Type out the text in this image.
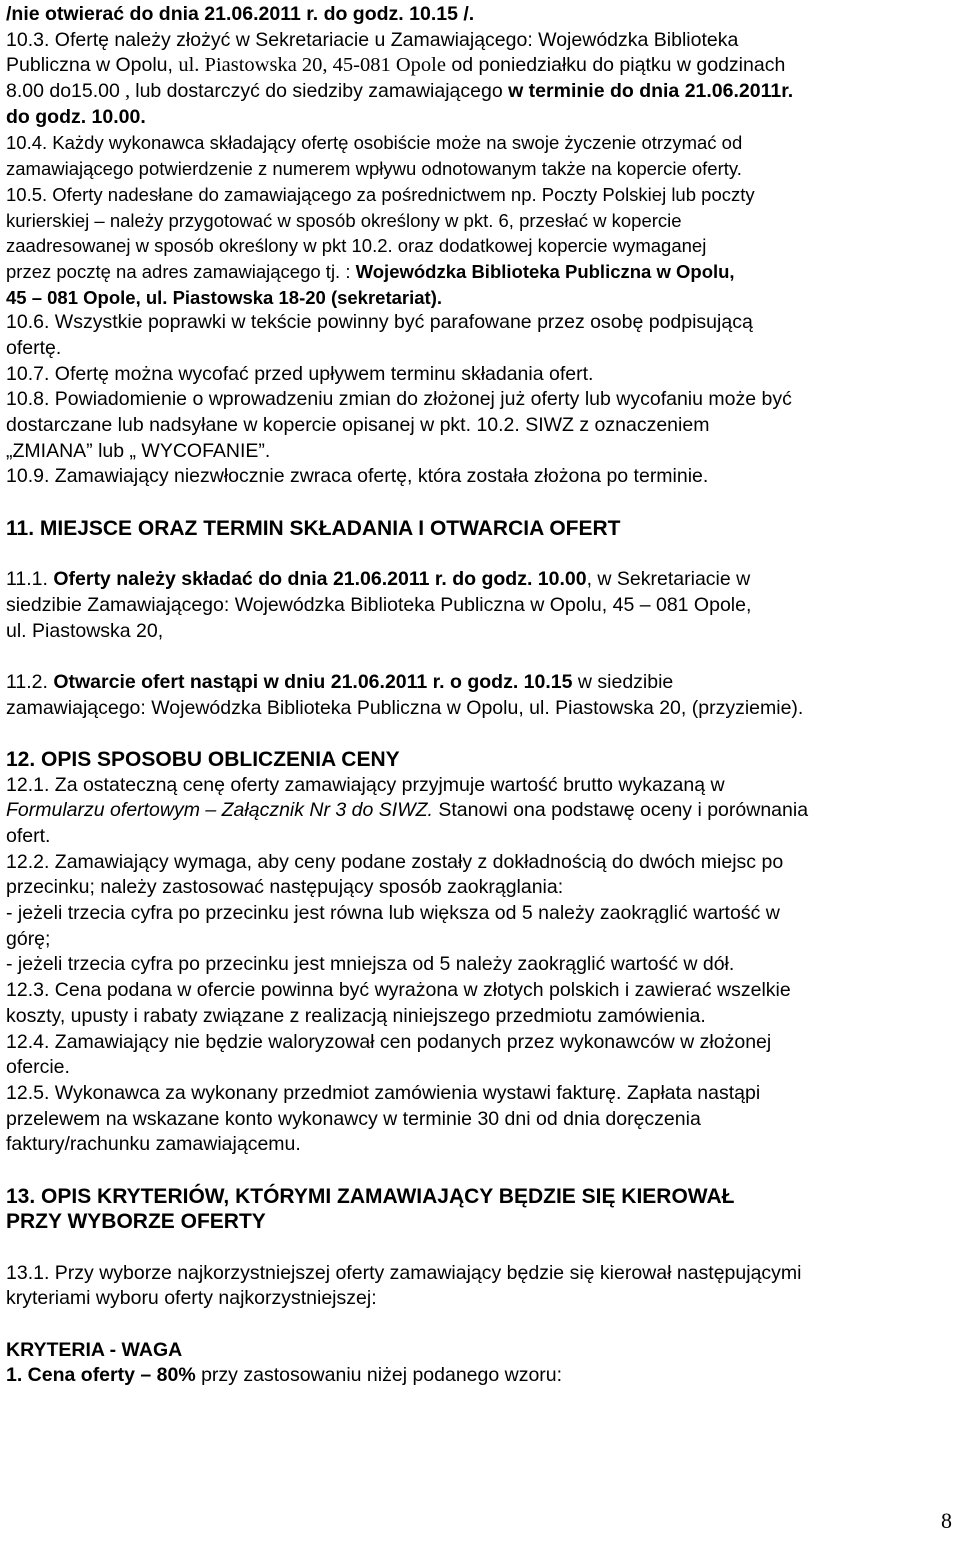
/nie otwierać do dnia 21.06.2011 r. do godz. 10.15 /.
10.3. Ofertę należy złożyć w Sekretariacie u Zamawiającego: Wojewódzka Biblioteka
Publiczna w Opolu, ul. Piastowska 20, 45-081 Opole od poniedziałku do piątku w godzinach
8.00 do15.00 , lub dostarczyć do siedziby zamawiającego w terminie do dnia 21.06.2011r.
do godz. 10.00.
10.4. Każdy wykonawca składający ofertę osobiście może na swoje życzenie otrzymać od
zamawiającego potwierdzenie z numerem wpływu odnotowanym także na kopercie oferty.
10.5. Oferty nadesłane do zamawiającego za pośrednictwem np. Poczty Polskiej lub poczty
kurierskiej – należy przygotować w sposób określony w pkt. 6, przesłać w kopercie
zaadresowanej w sposób określony w pkt 10.2. oraz dodatkowej kopercie wymaganej
przez pocztę na adres zamawiającego tj. : Wojewódzka Biblioteka Publiczna w Opolu,
45 – 081 Opole, ul. Piastowska 18-20 (sekretariat).
10.6. Wszystkie poprawki w tekście powinny być parafowane przez osobę podpisującą
ofertę.
10.7. Ofertę można wycofać przed upływem terminu składania ofert.
10.8. Powiadomienie o wprowadzeniu zmian do złożonej już oferty lub wycofaniu może być
dostarczane lub nadsyłane w kopercie opisanej w pkt. 10.2. SIWZ z oznaczeniem
„ZMIANA” lub „ WYCOFANIE”.
10.9. Zamawiający niezwłocznie zwraca ofertę, która została złożona po terminie.
11. MIEJSCE ORAZ TERMIN SKŁADANIA I OTWARCIA OFERT
11.1. Oferty należy składać do dnia 21.06.2011 r. do godz. 10.00, w Sekretariacie w
siedzibie Zamawiającego: Wojewódzka Biblioteka Publiczna w Opolu, 45 – 081 Opole,
ul. Piastowska 20,
11.2. Otwarcie ofert nastąpi w dniu 21.06.2011 r. o godz. 10.15 w siedzibie
zamawiającego: Wojewódzka Biblioteka Publiczna w Opolu, ul. Piastowska 20, (przyziemie).
12. OPIS SPOSOBU OBLICZENIA CENY
12.1. Za ostateczną cenę oferty zamawiający przyjmuje wartość brutto wykazaną w
Formularzu ofertowym – Załącznik Nr 3 do SIWZ. Stanowi ona podstawę oceny i porównania
ofert.
12.2. Zamawiający wymaga, aby ceny podane zostały z dokładnością do dwóch miejsc po
przecinku; należy zastosować następujący sposób zaokrąglania:
- jeżeli trzecia cyfra po przecinku jest równa lub większa od 5 należy zaokrąglić wartość w
górę;
- jeżeli trzecia cyfra po przecinku jest mniejsza od 5 należy zaokrąglić wartość w dół.
12.3. Cena podana w ofercie powinna być wyrażona w złotych polskich i zawierać wszelkie
koszty, upusty i rabaty związane z realizacją niniejszego przedmiotu zamówienia.
12.4. Zamawiający nie będzie waloryzował cen podanych przez wykonawców w złożonej
ofercie.
12.5. Wykonawca za wykonany przedmiot zamówienia wystawi fakturę. Zapłata nastąpi
przelewem na wskazane konto wykonawcy w terminie 30 dni od dnia doręczenia
faktury/rachunku zamawiającemu.
13. OPIS KRYTERIÓW, KTÓRYMI ZAMAWIAJĄCY BĘDZIE SIĘ KIEROWAŁ
PRZY WYBORZE OFERTY
13.1. Przy wyborze najkorzystniejszej oferty zamawiający będzie się kierował następującymi
kryteriami wyboru oferty najkorzystniejszej:
KRYTERIA - WAGA
1. Cena oferty – 80% przy zastosowaniu niżej podanego wzoru:
8
